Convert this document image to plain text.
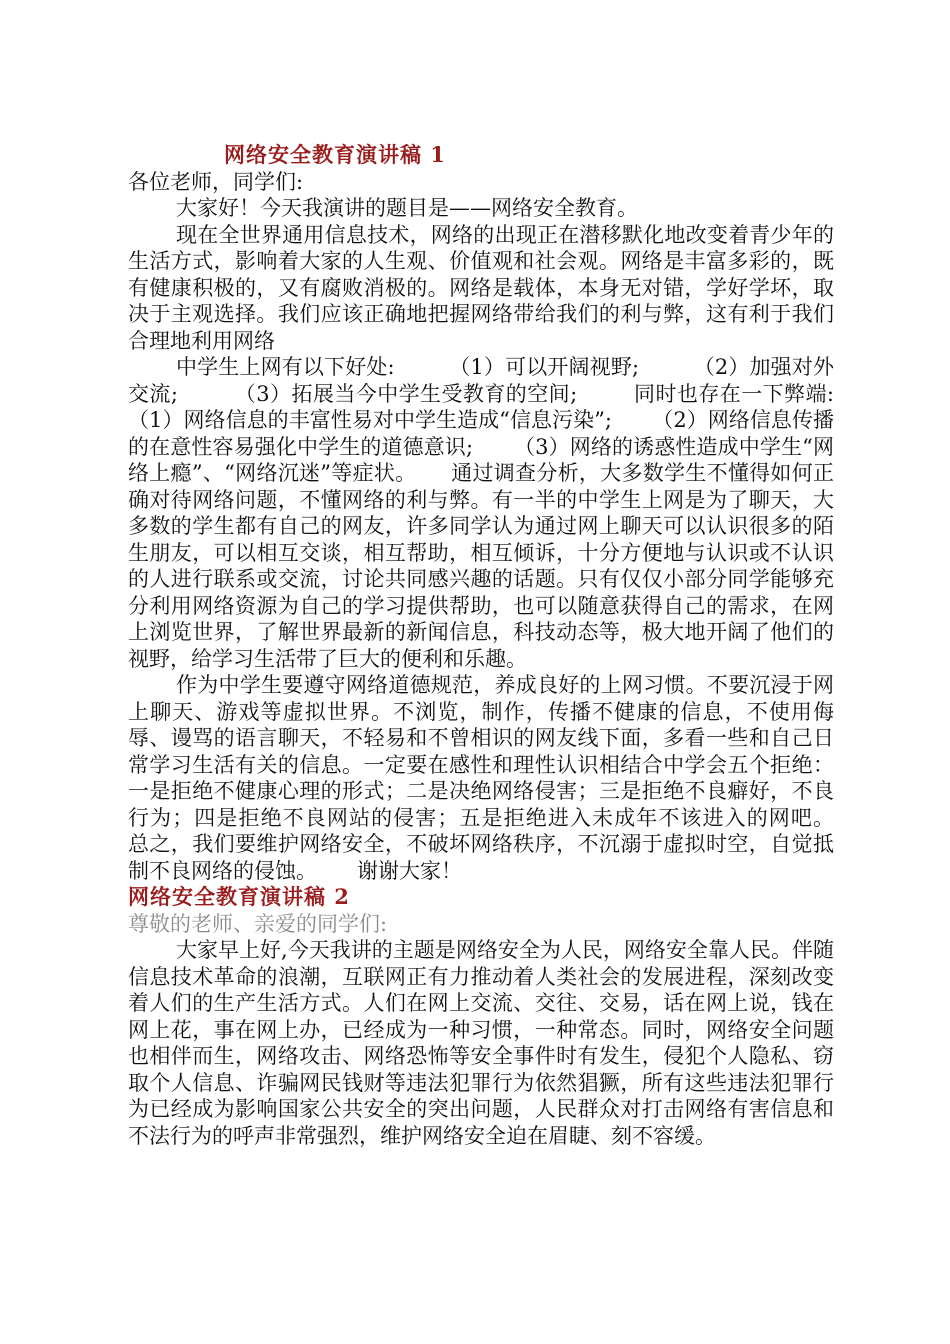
网络安全教育演讲稿 1

各位老师，同学们:

大家好！今天我演讲的题目是——网络安全教育。

现在全世界通用信息技术，网络的出现正在潜移默化地改变着青少年的生活方式，影响着大家的人生观、价值观和社会观。网络是丰富多彩的，既有健康积极的，又有腐败消极的。网络是载体，本身无对错，学好学坏，取决于主观选择。我们应该正确地把握网络带给我们的利与弊，这有利于我们合理地利用网络

中学生上网有以下好处:        （1）可以开阔视野;        （2）加强对外交流;        （3）拓展当今中学生受教育的空间;        同时也存在一下弊端:      （1）网络信息的丰富性易对中学生造成“信息污染”;      （2）网络信息传播的在意性容易强化中学生的道德意识;      （3）网络的诱惑性造成中学生“网络上瘾”、“网络沉迷”等症状。     通过调查分析，大多数学生不懂得如何正确对待网络问题，不懂网络的利与弊。有一半的中学生上网是为了聊天，大多数的学生都有自己的网友，许多同学认为通过网上聊天可以认识很多的陌生朋友，可以相互交谈，相互帮助，相互倾诉，十分方便地与认识或不认识的人进行联系或交流，讨论共同感兴趣的话题。只有仅仅小部分同学能够充分利用网络资源为自己的学习提供帮助，也可以随意获得自己的需求，在网上浏览世界，了解世界最新的新闻信息，科技动态等，极大地开阔了他们的视野，给学习生活带了巨大的便利和乐趣。

作为中学生要遵守网络道德规范，养成良好的上网习惯。不要沉浸于网上聊天、游戏等虚拟世界。不浏览，制作，传播不健康的信息，不使用侮辱、谩骂的语言聊天，不轻易和不曾相识的网友线下面，多看一些和自己日常学习生活有关的信息。一定要在感性和理性认识相结合中学会五个拒绝：一是拒绝不健康心理的形式；二是决绝网络侵害；三是拒绝不良癖好，不良行为；四是拒绝不良网站的侵害；五是拒绝进入未成年不该进入的网吧。      总之，我们要维护网络安全，不破坏网络秩序，不沉溺于虚拟时空，自觉抵制不良网络的侵蚀。      谢谢大家！

网络安全教育演讲稿 2

尊敬的老师、亲爱的同学们:

大家早上好,今天我讲的主题是网络安全为人民，网络安全靠人民。伴随信息技术革命的浪潮，互联网正有力推动着人类社会的发展进程，深刻改变着人们的生产生活方式。人们在网上交流、交往、交易，话在网上说，钱在网上花，事在网上办，已经成为一种习惯，一种常态。同时，网络安全问题也相伴而生，网络攻击、网络恐怖等安全事件时有发生，侵犯个人隐私、窃取个人信息、诈骗网民钱财等违法犯罪行为依然猖獗，所有这些违法犯罪行为已经成为影响国家公共安全的突出问题，人民群众对打击网络有害信息和不法行为的呼声非常强烈，维护网络安全迫在眉睫、刻不容缓。
